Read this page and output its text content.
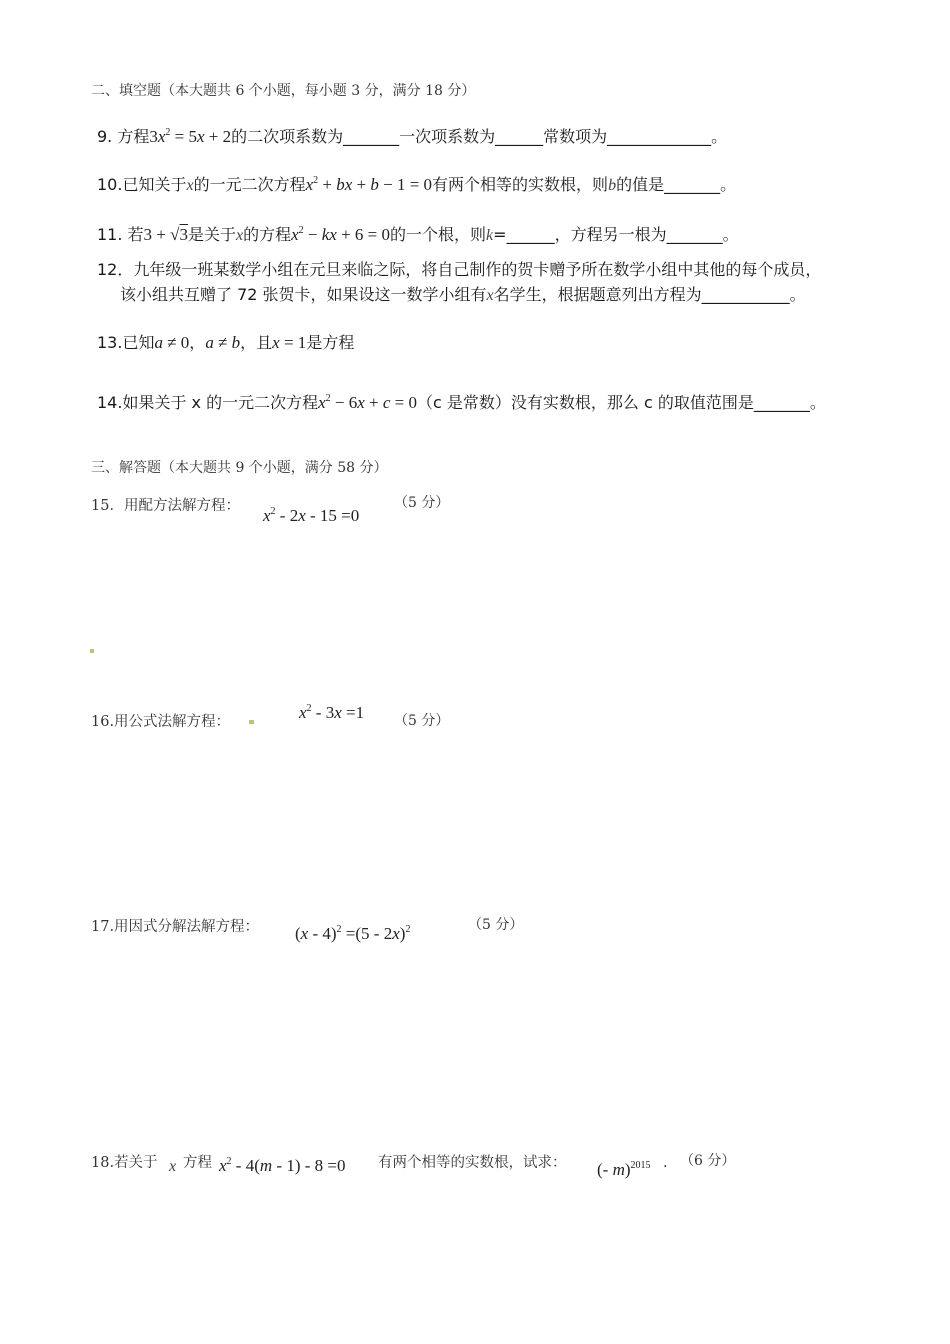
二、填空题（本大题共 6 个小题，每小题 3 分，满分 18 分）
9. 方程$3x^2 = 5x + 2$的二次项系数为_______一次项系数为______常数项为_____________。
10.已知关于x的一元二次方程$x^2$ + bx + b − 1 = 0有两个相等的实数根，则b的值是_______。
11. 若3 + √3是关于x的方程$x^2$ − kx + 6 = 0的一个根，则k=______，方程另一根为_______。
12．九年级一班某数学小组在元旦来临之际，将自己制作的贺卡赠予所在数学小组中其他的每个成员，
该小组共互赠了 72 张贺卡，如果设这一数学小组有x名学生，根据题意列出方程为___________。
13.已知a ≠ 0，a ≠ b，且x = 1是方程
14.如果关于 x 的一元二次方程$x^2 - 6x + c = 0(c$ 是常数）没有实数根，那么 c 的取值范围是_______。
三、解答题（本大题共 9 个小题，满分 58 分）
15．用配方法解方程： $x^2 - 2x - 15 =0$
（5 分）
16.用公式法解方程：	$x^2 - 3x =1$ （5 分）
17.用因式分解法解方程： (x - 4)$^2$ =(5 - 2x)$^2$	（5 分）
18.若关于 x 方程 $x^2 - 4(m - 1) - 8 =0$ 有两个相等的实数根，试求： (- m)$^{2015}$ . （6 分）
